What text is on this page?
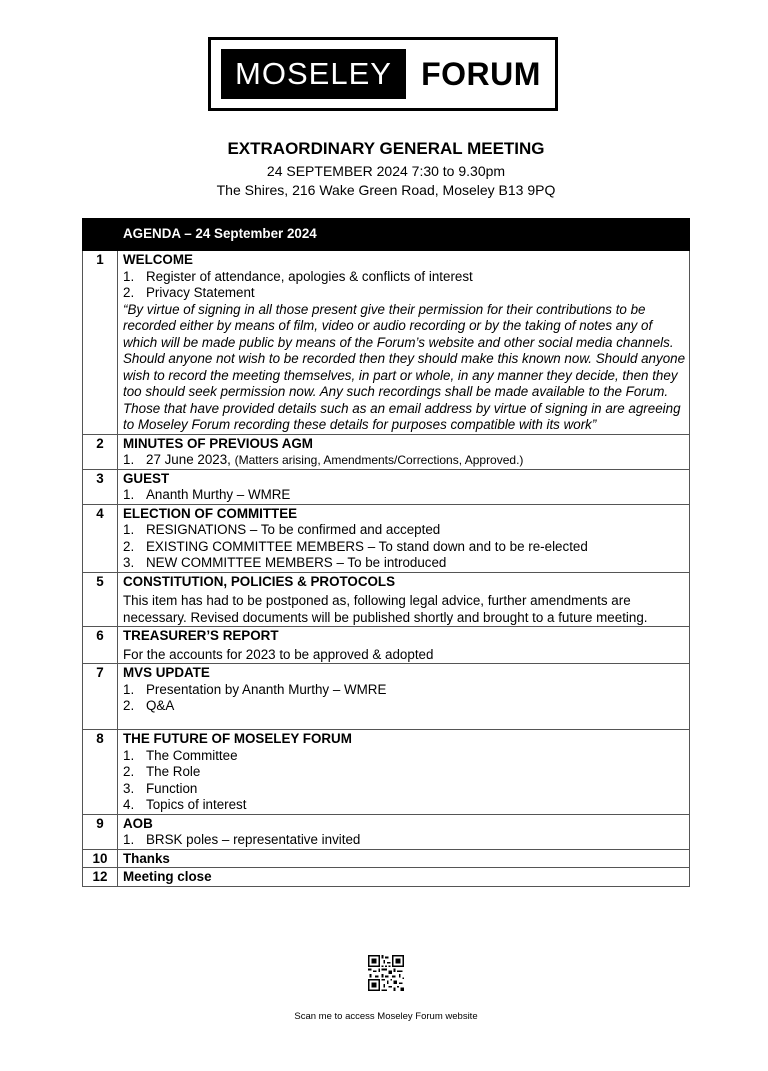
MOSELEY FORUM
EXTRAORDINARY GENERAL MEETING
24 SEPTEMBER 2024 7:30 to 9.30pm
The Shires, 216 Wake Green Road, Moseley B13 9PQ
	AGENDA – 24 September 2024
1	WELCOME
1. Register of attendance, apologies & conflicts of interest
2. Privacy Statement
“By virtue of signing in all those present give their permission for their contributions to be recorded either by means of film, video or audio recording or by the taking of notes any of which will be made public by means of the Forum’s website and other social media channels. Should anyone not wish to be recorded then they should make this known now. Should anyone wish to record the meeting themselves, in part or whole, in any manner they decide, then they too should seek permission now. Any such recordings shall be made available to the Forum.
Those that have provided details such as an email address by virtue of signing in are agreeing to Moseley Forum recording these details for purposes compatible with its work”

2	MINUTES OF PREVIOUS AGM
1. 27 June 2023, (Matters arising, Amendments/Corrections, Approved.)

3	GUEST
1. Ananth Murthy – WMRE

4	ELECTION OF COMMITTEE
1. RESIGNATIONS – To be confirmed and accepted
2. EXISTING COMMITTEE MEMBERS – To stand down and to be re-elected
3. NEW COMMITTEE MEMBERS – To be introduced

5	CONSTITUTION, POLICIES & PROTOCOLS
This item has had to be postponed as, following legal advice, further amendments are necessary. Revised documents will be published shortly and brought to a future meeting.

6	TREASURER’S REPORT
For the accounts for 2023 to be approved & adopted

7	MVS UPDATE
1. Presentation by Ananth Murthy – WMRE
2. Q&A

8	THE FUTURE OF MOSELEY FORUM
1. The Committee
2. The Role
3. Function
4. Topics of interest

9	AOB
1. BRSK poles – representative invited

10	Thanks

12	Meeting close
Scan me to access Moseley Forum website
